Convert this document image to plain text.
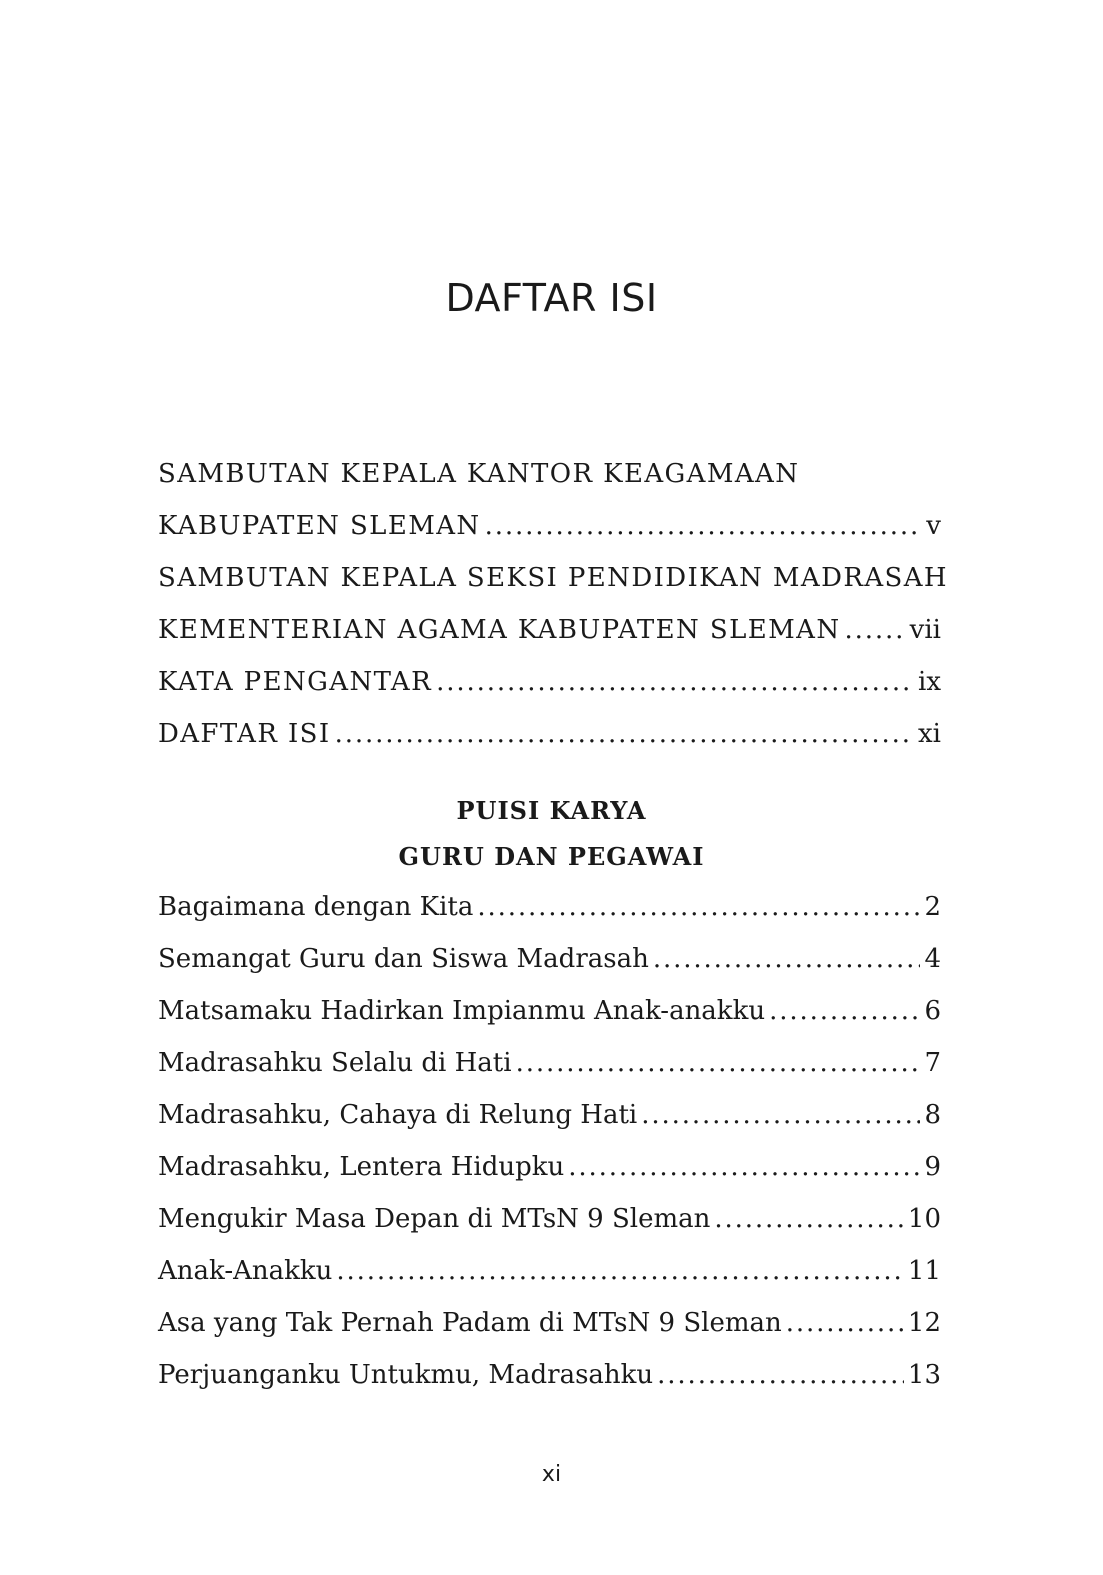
DAFTAR ISI
SAMBUTAN KEPALA KANTOR KEAGAMAAN
KABUPATEN SLEMAN . . .	v
SAMBUTAN KEPALA SEKSI PENDIDIKAN MADRASAH
KEMENTERIAN AGAMA KABUPATEN SLEMAN . . .	vii
KATA PENGANTAR . . .	ix
DAFTAR ISI . . .	xi
PUISI KARYA
GURU DAN PEGAWAI
Bagaimana dengan Kita . . .	2
Semangat Guru dan Siswa Madrasah . . .	4
Matsamaku Hadirkan Impianmu Anak-anakku . . .	6
Madrasahku Selalu di Hati . . .	7
Madrasahku, Cahaya di Relung Hati . . .	8
Madrasahku, Lentera Hidupku . . .	9
Mengukir Masa Depan di MTsN 9 Sleman . . .	10
Anak-Anakku . . .	11
Asa yang Tak Pernah Padam di MTsN 9 Sleman . . .	12
Perjuanganku Untukmu, Madrasahku . . .	13
xi
